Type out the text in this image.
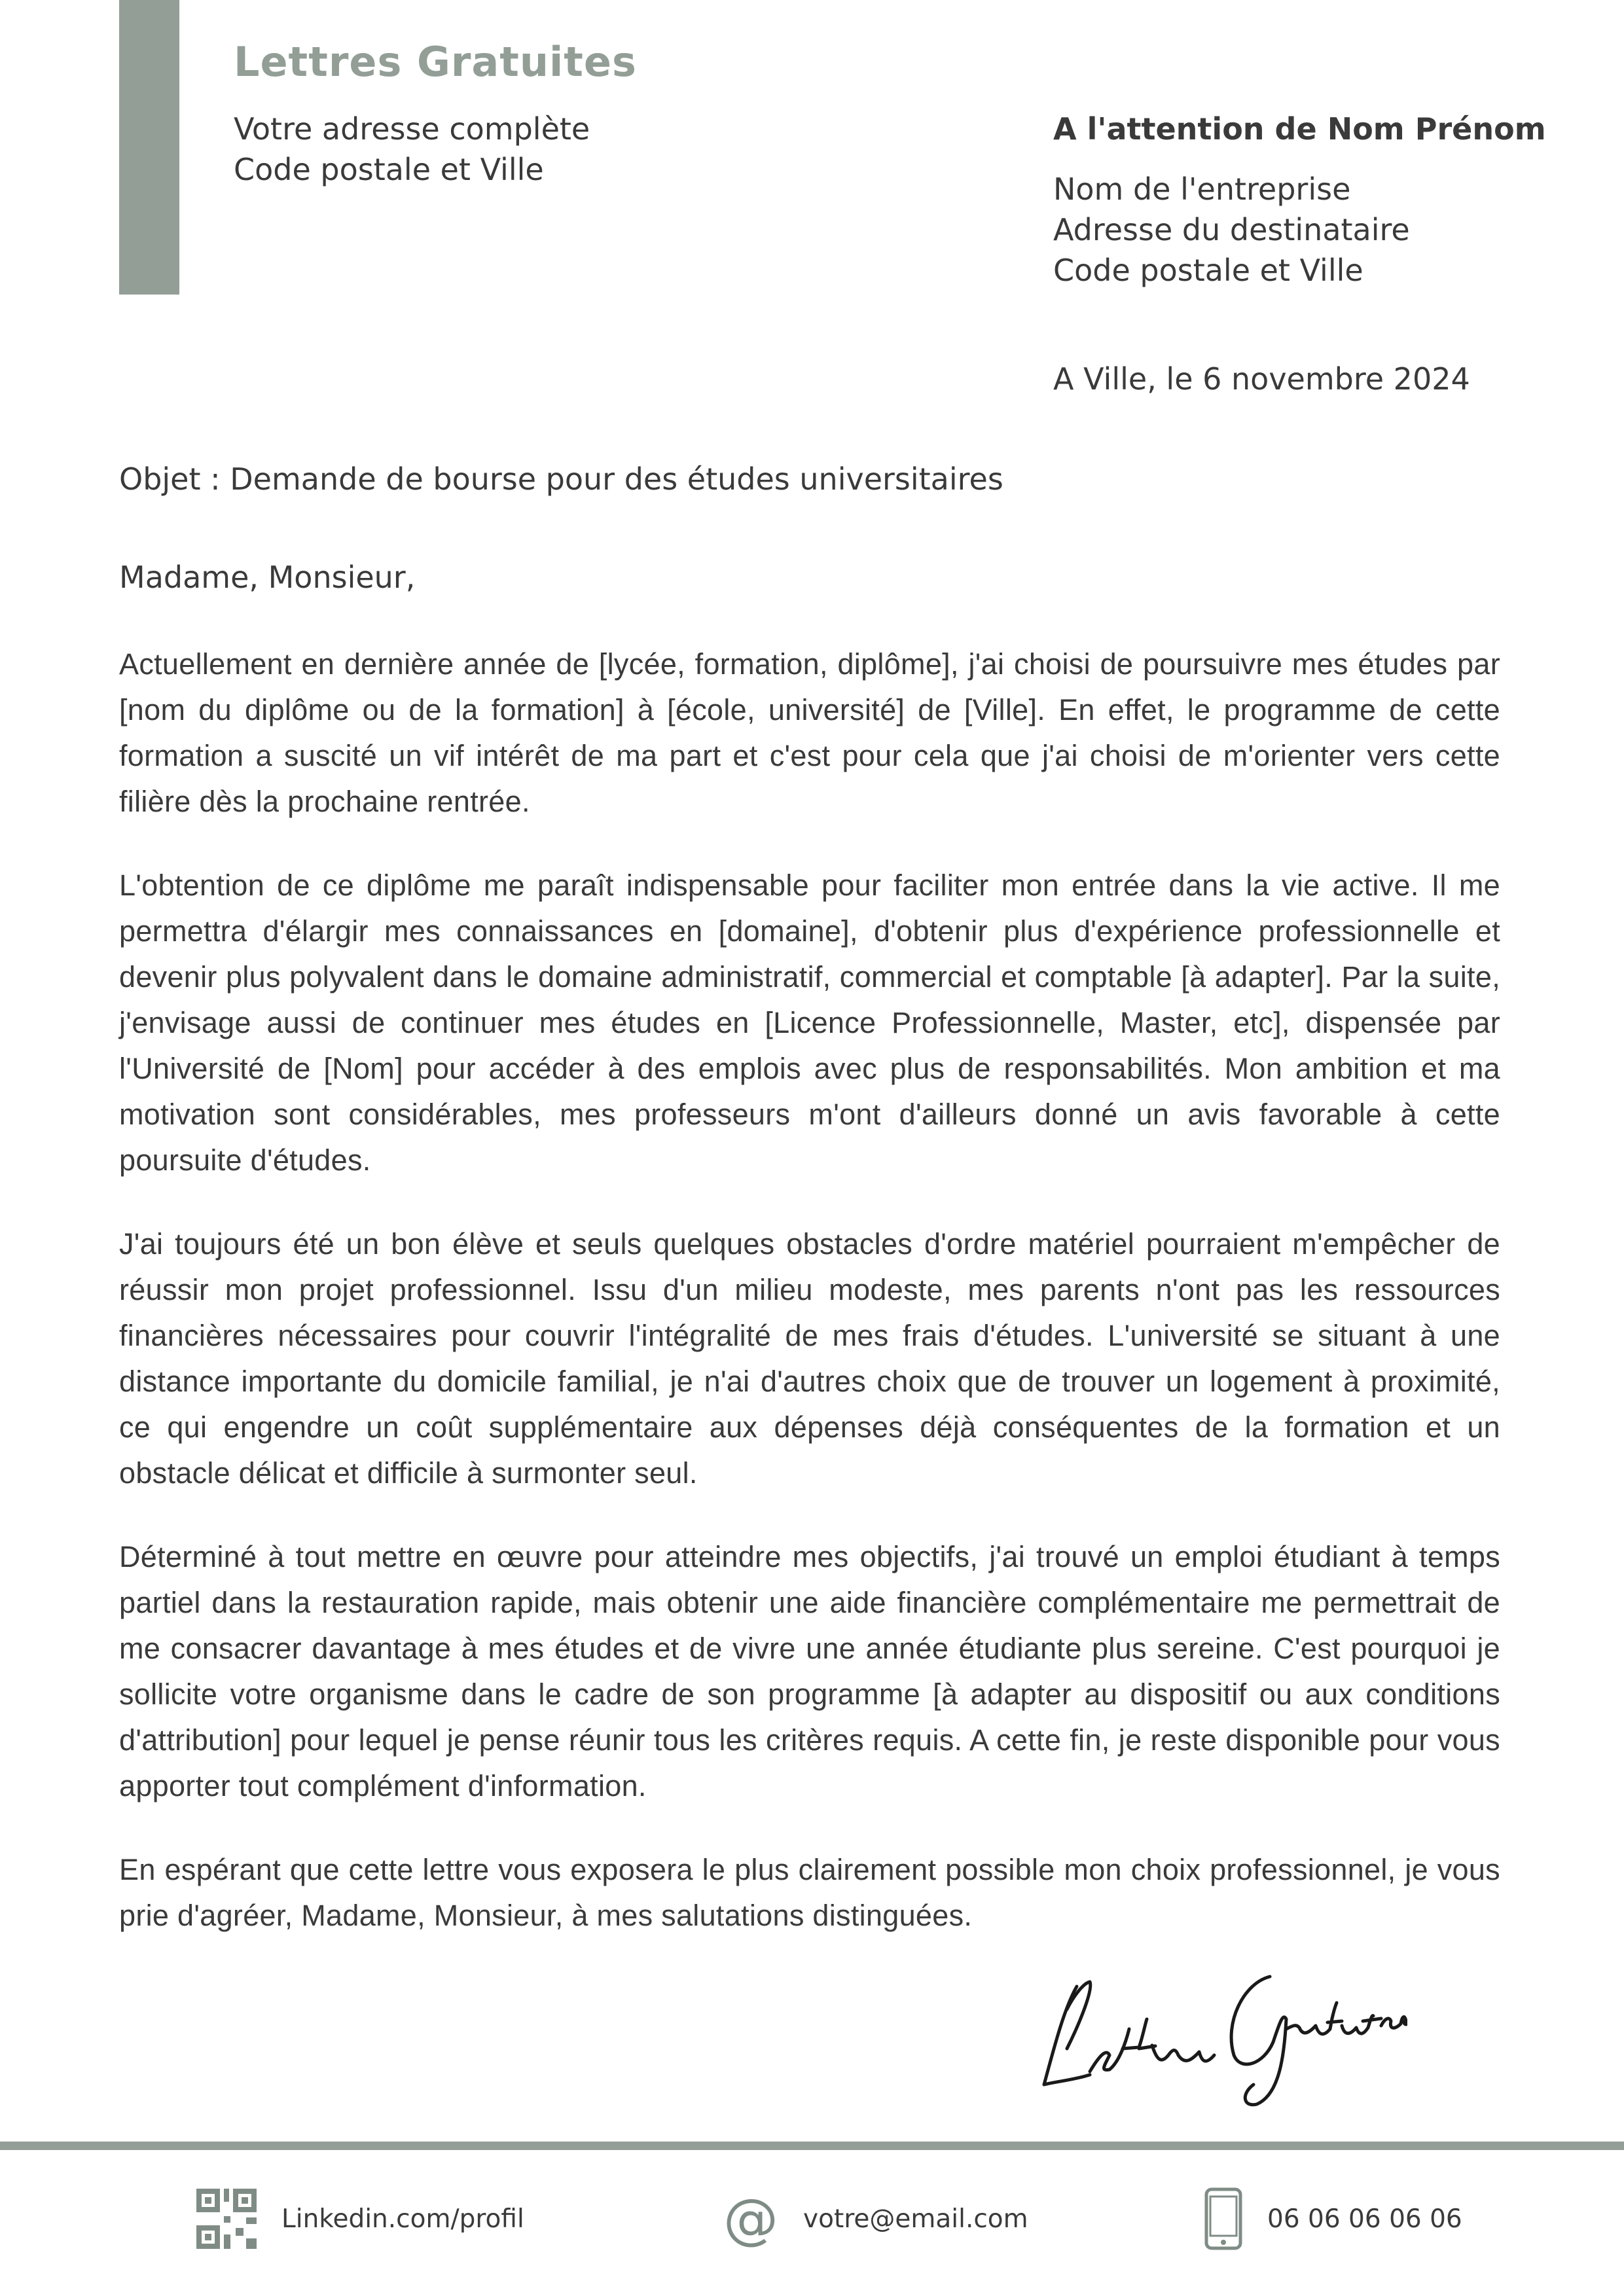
Lettres Gratuites
Votre adresse complète
Code postale et Ville
A l'attention de Nom Prénom
Nom de l'entreprise
Adresse du destinataire
Code postale et Ville
A Ville, le 6 novembre 2024
Objet : Demande de bourse pour des études universitaires
Madame, Monsieur,

Actuellement en dernière année de [lycée, formation, diplôme], j'ai choisi de poursuivre mes études par [nom du diplôme ou de la formation] à [école, université] de [Ville]. En effet, le programme de cette formation a suscité un vif intérêt de ma part et c'est pour cela que j'ai choisi de m'orienter vers cette filière dès la prochaine rentrée.

L'obtention de ce diplôme me paraît indispensable pour faciliter mon entrée dans la vie active. Il me permettra d'élargir mes connaissances en [domaine], d'obtenir plus d'expérience professionnelle et devenir plus polyvalent dans le domaine administratif, commercial et comptable [à adapter]. Par la suite, j'envisage aussi de continuer mes études en [Licence Professionnelle, Master, etc], dispensée par l'Université de [Nom] pour accéder à des emplois avec plus de responsabilités. Mon ambition et ma motivation sont considérables, mes professeurs m'ont d'ailleurs donné un avis favorable à cette poursuite d'études.

J'ai toujours été un bon élève et seuls quelques obstacles d'ordre matériel pourraient m'empêcher de réussir mon projet professionnel. Issu d'un milieu modeste, mes parents n'ont pas les ressources financières nécessaires pour couvrir l'intégralité de mes frais d'études. L'université se situant à une distance importante du domicile familial, je n'ai d'autres choix que de trouver un logement à proximité, ce qui engendre un coût supplémentaire aux dépenses déjà conséquentes de la formation et un obstacle délicat et difficile à surmonter seul.

Déterminé à tout mettre en œuvre pour atteindre mes objectifs, j'ai trouvé un emploi étudiant à temps partiel dans la restauration rapide, mais obtenir une aide financière complémentaire me permettrait de me consacrer davantage à mes études et de vivre une année étudiante plus sereine. C'est pourquoi je sollicite votre organisme dans le cadre de son programme [à adapter au dispositif ou aux conditions d'attribution] pour lequel je pense réunir tous les critères requis. A cette fin, je reste disponible pour vous apporter tout complément d'information.

En espérant que cette lettre vous exposera le plus clairement possible mon choix professionnel, je vous prie d'agréer, Madame, Monsieur, à mes salutations distinguées.

Linkedin.com/profil	@ votre@email.com	06 06 06 06 06
